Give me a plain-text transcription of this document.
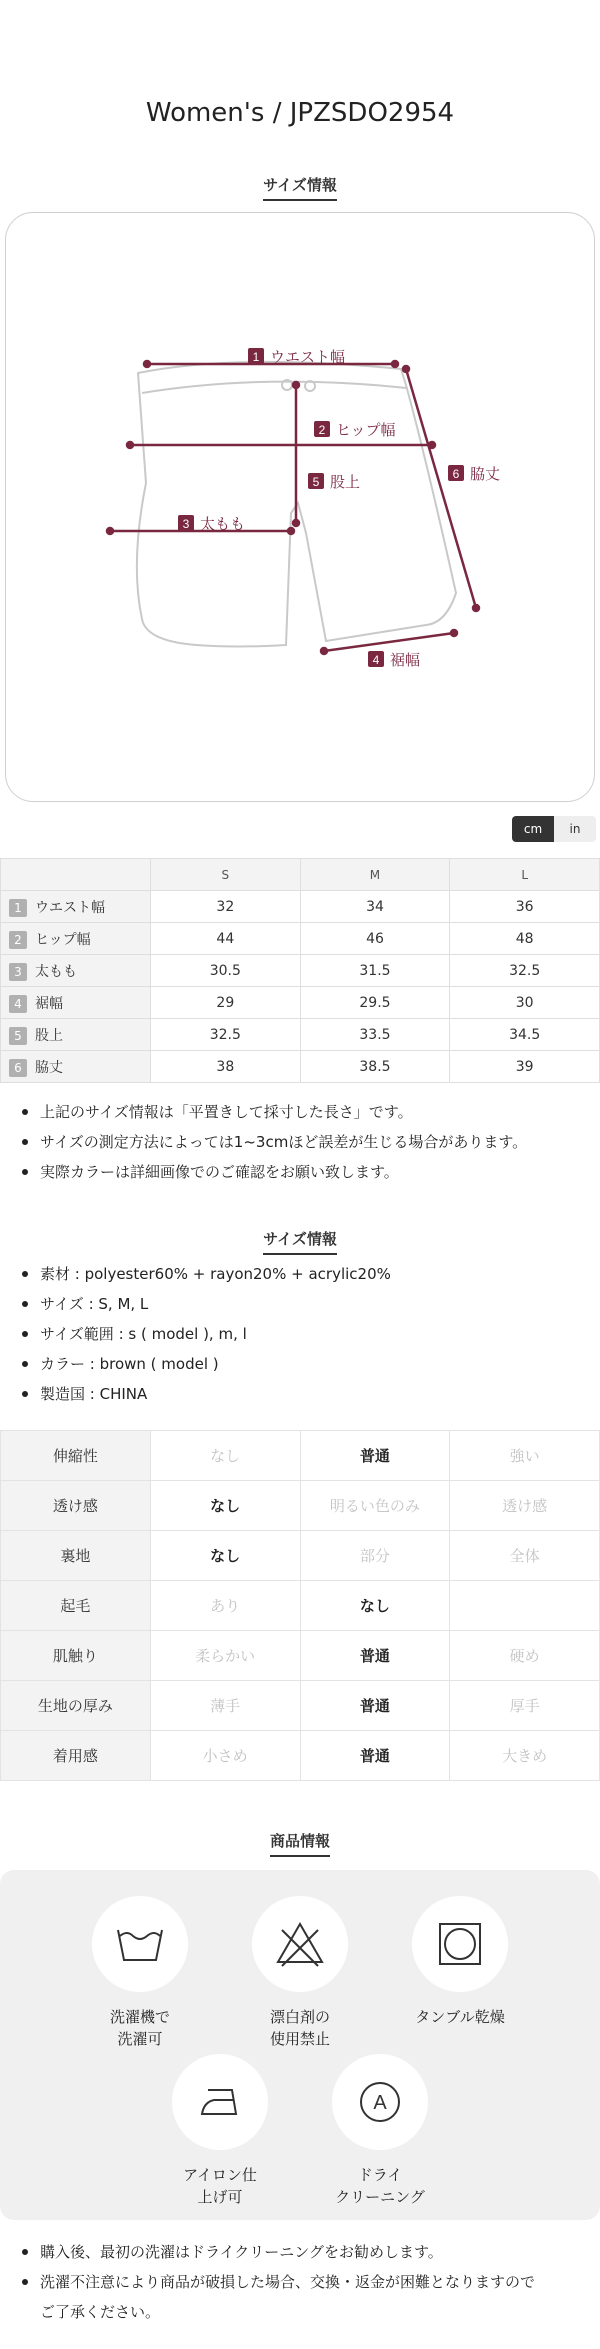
Women's / JPZSDO2954
サイズ情報
1 ウエスト幅
2 ヒップ幅
3 太もも
4 裾幅
5 股上	6 脇丈
cm	in
	S	M	L
1 ウエスト幅	32	34	36
2 ヒップ幅	44	46	48
3 太もも	30.5	31.5	32.5
4 裾幅	29	29.5	30
5 股上	32.5	33.5	34.5
6 脇丈	38	38.5	39
上記のサイズ情報は「平置きして採寸した長さ」です。
サイズの測定方法によっては1~3cmほど誤差が生じる場合があります。
実際カラーは詳細画像でのご確認をお願い致します。
サイズ情報
素材 : polyester60% + rayon20% + acrylic20%
サイズ : S, M, L
サイズ範囲 : s ( model ), m, l
カラー : brown ( model )
製造国 : CHINA
伸縮性	なし	普通	強い
透け感	なし	明るい色のみ	透け感
裏地	なし	部分	全体
起毛	あり	なし	
肌触り	柔らかい	普通	硬め
生地の厚み	薄手	普通	厚手
着用感	小さめ	普通	大きめ
商品情報
洗濯機で
洗濯可
漂白剤の
使用禁止
タンブル乾燥
アイロン仕
上げ可
A
ドライ
クリーニング
購入後、最初の洗濯はドライクリーニングをお勧めします。
洗濯不注意により商品が破損した場合、交換・返金が困難となりますので
ご了承ください。
